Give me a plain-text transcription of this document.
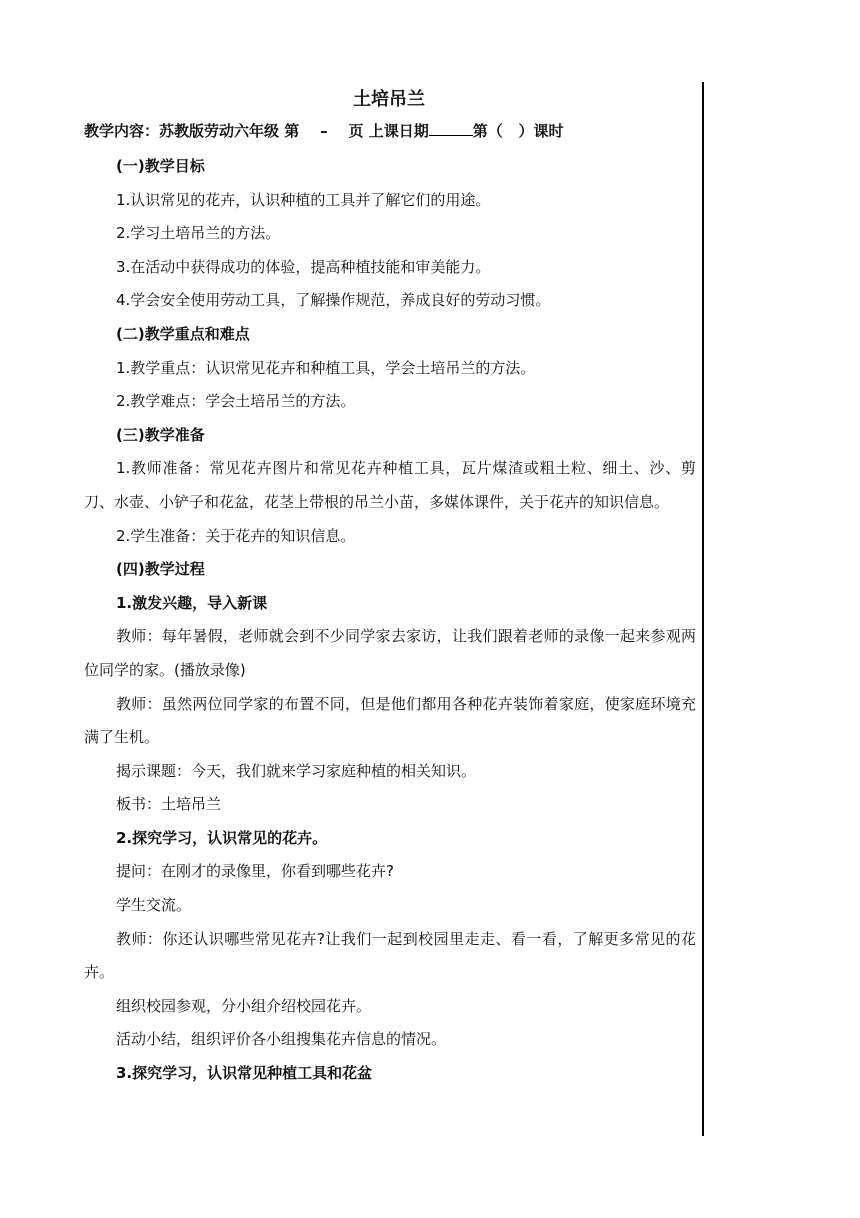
土培吊兰
教学内容：苏教版劳动六年级 第 – 页 上课日期	第（ ）课时

(一)教学目标

1.认识常见的花卉，认识种植的工具并了解它们的用途。

2.学习土培吊兰的方法。

3.在活动中获得成功的体验，提高种植技能和审美能力。

4.学会安全使用劳动工具，了解操作规范，养成良好的劳动习惯。

(二)教学重点和难点

1.教学重点：认识常见花卉和种植工具，学会土培吊兰的方法。

2.教学难点：学会土培吊兰的方法。

(三)教学准备

1.教师准备：常见花卉图片和常见花卉种植工具，瓦片煤渣或粗土粒、细土、沙、剪刀、水壶、小铲子和花盆，花茎上带根的吊兰小苗，多媒体课件，关于花卉的知识信息。

2.学生准备：关于花卉的知识信息。

(四)教学过程

1.激发兴趣，导入新课

教师：每年暑假，老师就会到不少同学家去家访，让我们跟着老师的录像一起来参观两位同学的家。(播放录像)

教师：虽然两位同学家的布置不同，但是他们都用各种花卉装饰着家庭，使家庭环境充满了生机。

揭示课题：今天，我们就来学习家庭种植的相关知识。

板书：土培吊兰

2.探究学习，认识常见的花卉。

提问：在刚才的录像里，你看到哪些花卉?

学生交流。

教师：你还认识哪些常见花卉?让我们一起到校园里走走、看一看，了解更多常见的花卉。

组织校园参观，分小组介绍校园花卉。

活动小结，组织评价各小组搜集花卉信息的情况。

3.探究学习，认识常见种植工具和花盆
